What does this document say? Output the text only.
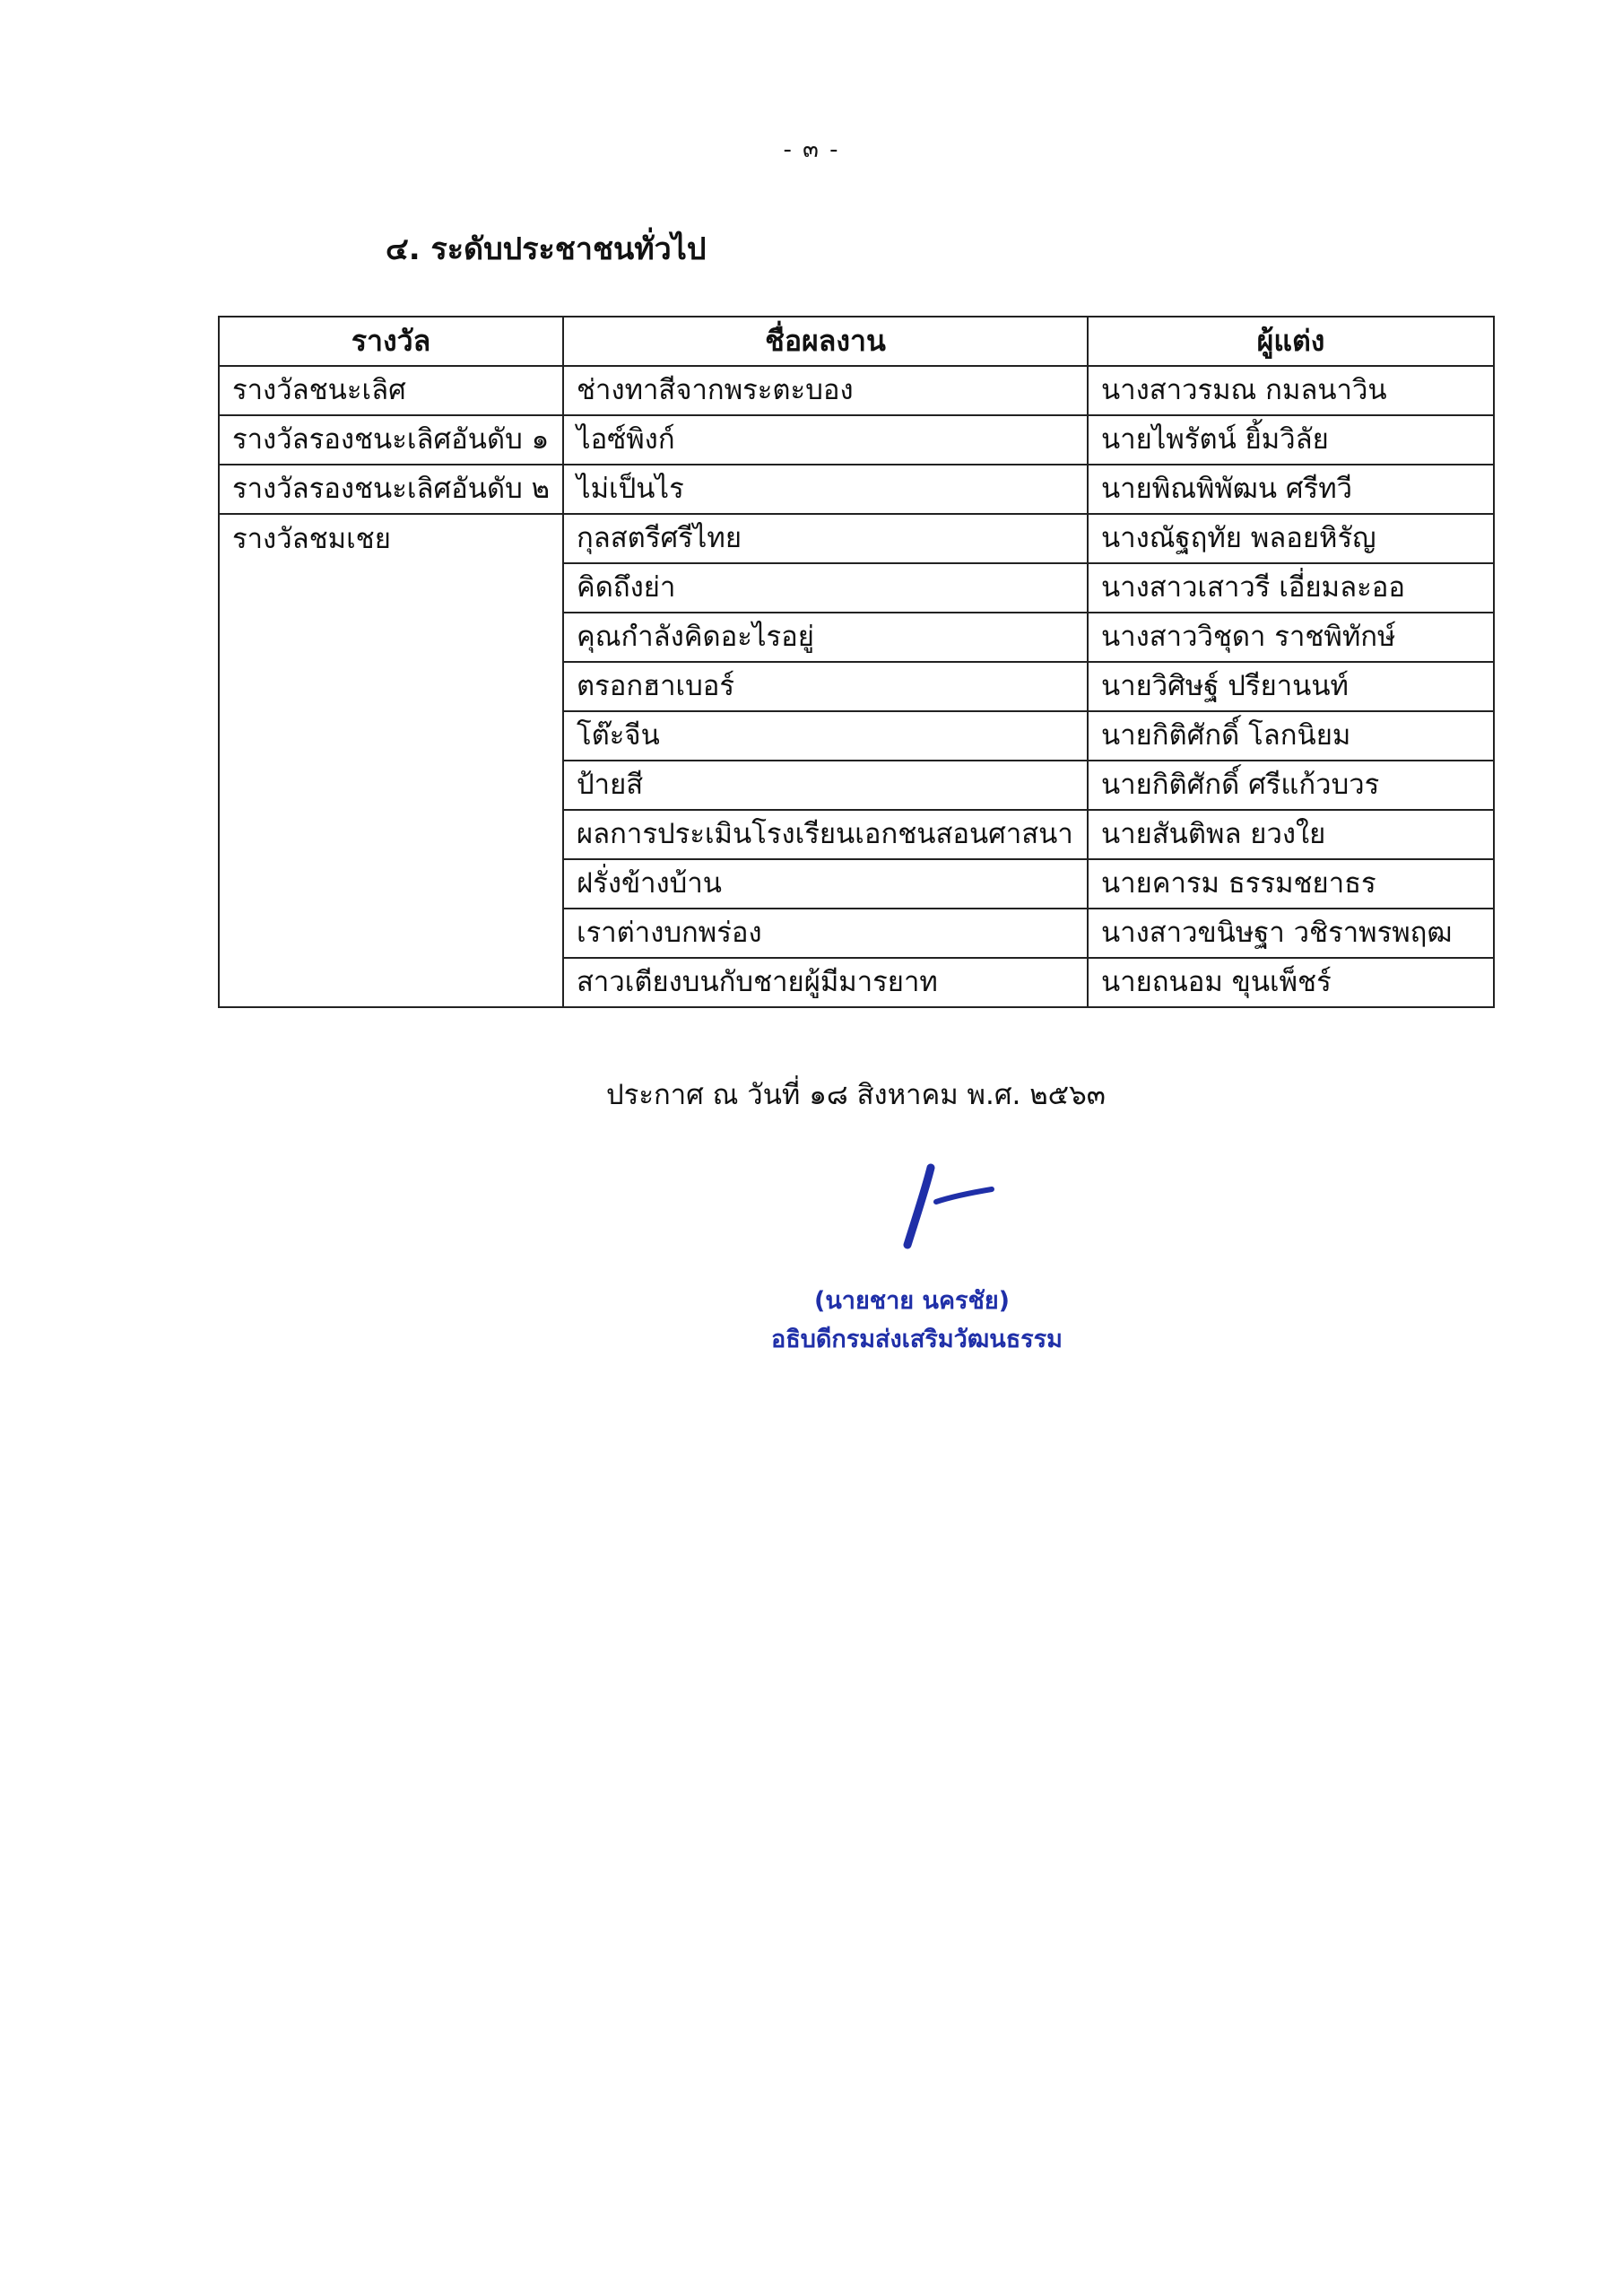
- ๓ -
๔. ระดับประชาชนทั่วไป
รางวัล	ชื่อผลงาน	ผู้แต่ง
รางวัลชนะเลิศ	ช่างทาสีจากพระตะบอง	นางสาวรมณ กมลนาวิน
รางวัลรองชนะเลิศอันดับ ๑	ไอซ์พิงก์	นายไพรัตน์ ยิ้มวิลัย
รางวัลรองชนะเลิศอันดับ ๒	ไม่เป็นไร	นายพิณพิพัฒน ศรีทวี
รางวัลชมเชย	กุลสตรีศรีไทย	นางณัฐฤทัย พลอยหิรัญ
	คิดถึงย่า	นางสาวเสาวรี เอี่ยมละออ
	คุณกำลังคิดอะไรอยู่	นางสาววิชุดา ราชพิทักษ์
	ตรอกฮาเบอร์	นายวิศิษฐ์ ปรียานนท์
	โต๊ะจีน	นายกิติศักดิ์ โลกนิยม
	ป้ายสี	นายกิติศักดิ์ ศรีแก้วบวร
	ผลการประเมินโรงเรียนเอกชนสอนศาสนา	นายสันติพล ยวงใย
	ฝรั่งข้างบ้าน	นายคารม ธรรมชยาธร
	เราต่างบกพร่อง	นางสาวขนิษฐา วชิราพรพฤฒ
	สาวเตียงบนกับชายผู้มีมารยาท	นายถนอม ขุนเพ็ชร์
ประกาศ ณ วันที่ ๑๘ สิงหาคม พ.ศ. ๒๕๖๓
(นายชาย นครชัย)
อธิบดีกรมส่งเสริมวัฒนธรรม
